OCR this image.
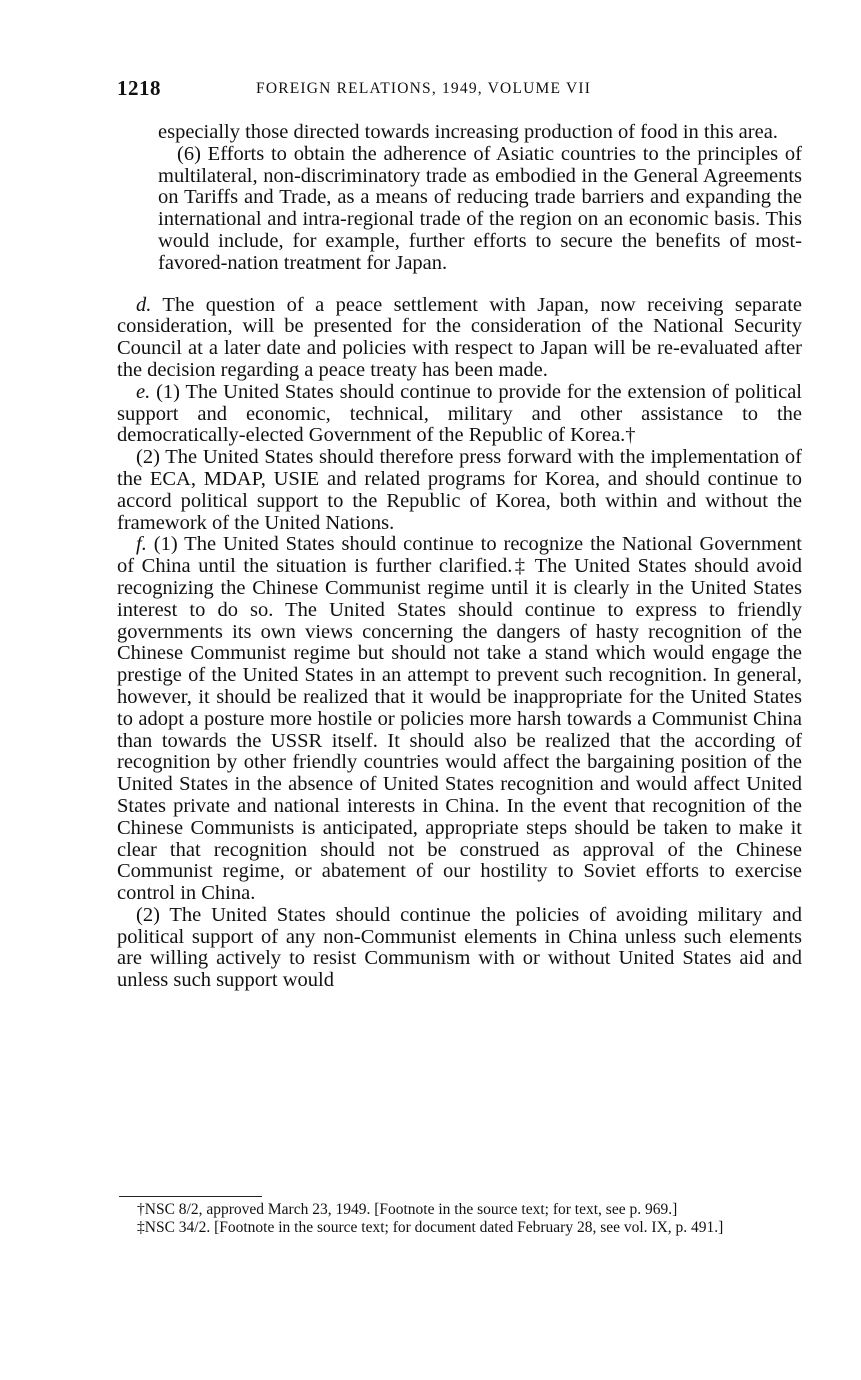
1218	FOREIGN RELATIONS, 1949, VOLUME VII

especially those directed towards increasing production of food in this area.

(6) Efforts to obtain the adherence of Asiatic countries to the principles of multilateral, non-discriminatory trade as embodied in the General Agreements on Tariffs and Trade, as a means of reducing trade barriers and expanding the international and intra-regional trade of the region on an economic basis. This would include, for example, further efforts to secure the benefits of most-favored-nation treatment for Japan.

d. The question of a peace settlement with Japan, now receiving separate consideration, will be presented for the consideration of the National Security Council at a later date and policies with respect to Japan will be re-evaluated after the decision regarding a peace treaty has been made.

e. (1) The United States should continue to provide for the extension of political support and economic, technical, military and other assistance to the democratically-elected Government of the Republic of Korea.†

(2) The United States should therefore press forward with the implementation of the ECA, MDAP, USIE and related programs for Korea, and should continue to accord political support to the Republic of Korea, both within and without the framework of the United Nations.

f. (1) The United States should continue to recognize the National Government of China until the situation is further clarified.‡ The United States should avoid recognizing the Chinese Communist regime until it is clearly in the United States interest to do so. The United States should continue to express to friendly governments its own views concerning the dangers of hasty recognition of the Chinese Communist regime but should not take a stand which would engage the prestige of the United States in an attempt to prevent such recognition. In general, however, it should be realized that it would be inappropriate for the United States to adopt a posture more hostile or policies more harsh towards a Communist China than towards the USSR itself. It should also be realized that the according of recognition by other friendly countries would affect the bargaining position of the United States in the absence of United States recognition and would affect United States private and national interests in China. In the event that recognition of the Chinese Communists is anticipated, appropriate steps should be taken to make it clear that recognition should not be construed as approval of the Chinese Communist regime, or abatement of our hostility to Soviet efforts to exercise control in China.

(2) The United States should continue the policies of avoiding military and political support of any non-Communist elements in China unless such elements are willing actively to resist Communism with or without United States aid and unless such support would

†NSC 8/2, approved March 23, 1949. [Footnote in the source text; for text, see p. 969.]

‡NSC 34/2. [Footnote in the source text; for document dated February 28, see vol. IX, p. 491.]
